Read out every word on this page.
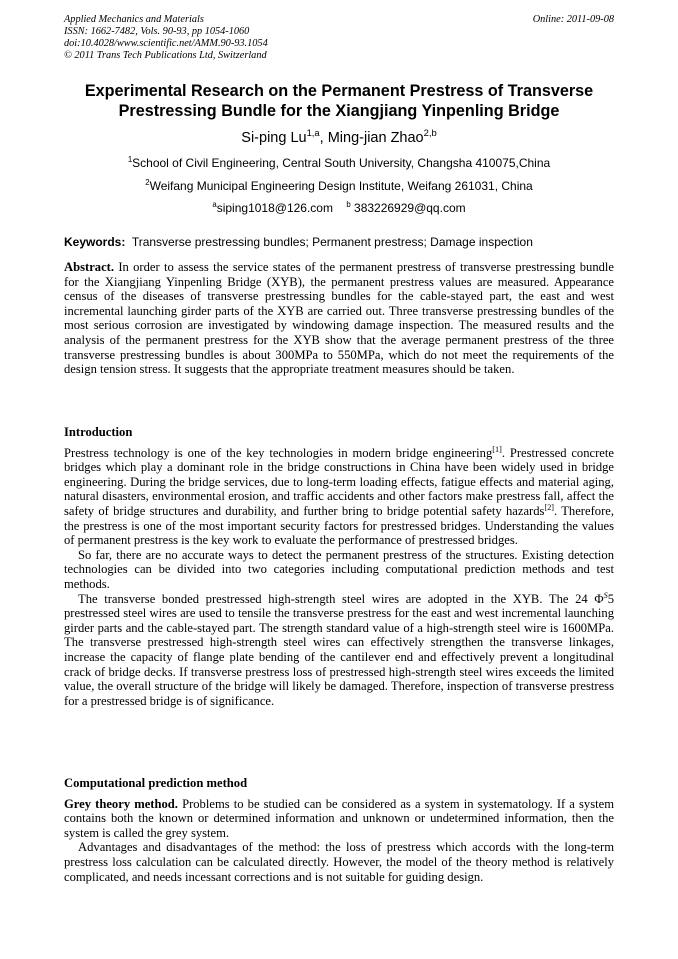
Applied Mechanics and Materials
ISSN: 1662-7482, Vols. 90-93, pp 1054-1060
doi:10.4028/www.scientific.net/AMM.90-93.1054
© 2011 Trans Tech Publications Ltd, Switzerland
Online: 2011-09-08
Experimental Research on the Permanent Prestress of Transverse
Prestressing Bundle for the Xiangjiang Yinpenling Bridge
Si-ping Lu$^{1,a}$, Ming-jian Zhao$^{2,b}$
$^1$School of Civil Engineering, Central South University, Changsha 410075,China
$^2$Weifang Municipal Engineering Design Institute, Weifang 261031, China
$^a$siping1018@126.com $^b$ 383226929@qq.com
Keywords: Transverse prestressing bundles; Permanent prestress; Damage inspection

Abstract. In order to assess the service states of the permanent prestress of transverse prestressing bundle for the Xiangjiang Yinpenling Bridge (XYB), the permanent prestress values are measured. Appearance census of the diseases of transverse prestressing bundles for the cable-stayed part, the east and west incremental launching girder parts of the XYB are carried out. Three transverse prestressing bundles of the most serious corrosion are investigated by windowing damage inspection. The measured results and the analysis of the permanent prestress for the XYB show that the average permanent prestress of the three transverse prestressing bundles is about 300MPa to 550MPa, which do not meet the requirements of the design tension stress. It suggests that the appropriate treatment measures should be taken.

Introduction

Prestress technology is one of the key technologies in modern bridge engineering[1]. Prestressed concrete bridges which play a dominant role in the bridge constructions in China have been widely used in bridge engineering. During the bridge services, due to long-term loading effects, fatigue effects and material aging, natural disasters, environmental erosion, and traffic accidents and other factors make prestress fall, affect the safety of bridge structures and durability, and further bring to bridge potential safety hazards[2]. Therefore, the prestress is one of the most important security factors for prestressed bridges. Understanding the values of permanent prestress is the key work to evaluate the performance of prestressed bridges.

So far, there are no accurate ways to detect the permanent prestress of the structures. Existing detection technologies can be divided into two categories including computational prediction methods and test methods.

The transverse bonded prestressed high-strength steel wires are adopted in the XYB. The 24 $\Phi^S5$ prestressed steel wires are used to tensile the transverse prestress for the east and west incremental launching girder parts and the cable-stayed part. The strength standard value of a high-strength steel wire is 1600MPa. The transverse prestressed high-strength steel wires can effectively strengthen the transverse linkages, increase the capacity of flange plate bending of the cantilever end and effectively prevent a longitudinal crack of bridge decks. If transverse prestress loss of prestressed high-strength steel wires exceeds the limited value, the overall structure of the bridge will likely be damaged. Therefore, inspection of transverse prestress for a prestressed bridge is of significance.

Computational prediction method

Grey theory method. Problems to be studied can be considered as a system in systematology. If a system contains both the known or determined information and unknown or undetermined information, then the system is called the grey system.

Advantages and disadvantages of the method: the loss of prestress which accords with the long-term prestress loss calculation can be calculated directly. However, the model of the theory method is relatively complicated, and needs incessant corrections and is not suitable for guiding design.
